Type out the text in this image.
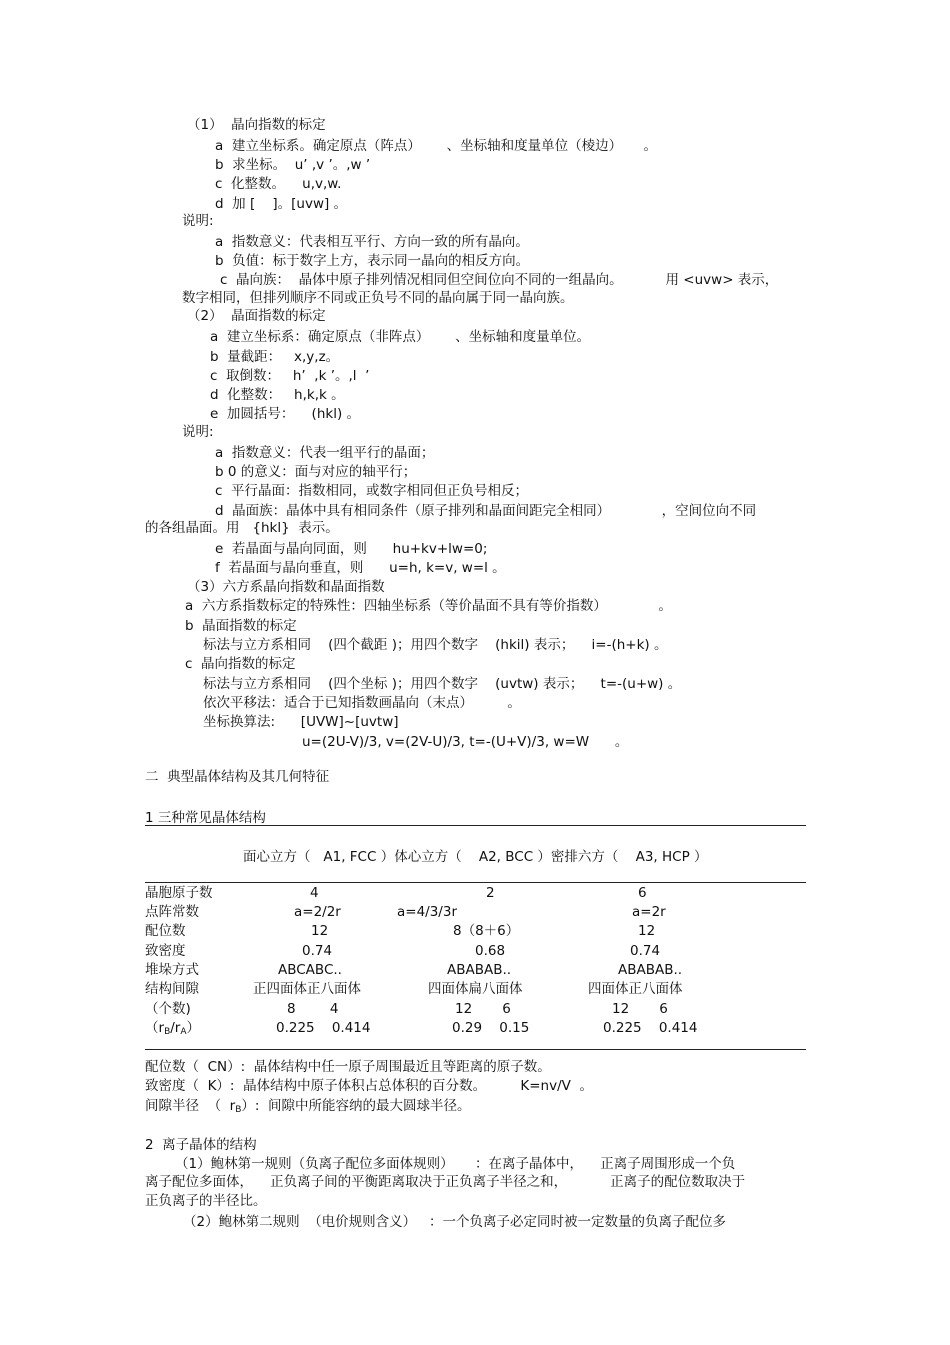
（1）  晶向指数的标定
a  建立坐标系。确定原点（阵点）      、坐标轴和度量单位（棱边）     。
b  求坐标。  u’ ,v ’。,w ’
c  化整数。    u,v,w.
d  加 [    ]。[uvw] 。
说明:
a  指数意义：代表相互平行、方向一致的所有晶向。
b  负值：标于数字上方，表示同一晶向的相反方向。
c  晶向族：  晶体中原子排列情况相同但空间位向不同的一组晶向。          用 <uvw> 表示，
数字相同，但排列顺序不同或正负号不同的晶向属于同一晶向族。
（2）  晶面指数的标定
a  建立坐标系：确定原点（非阵点）      、坐标轴和度量单位。
b  量截距：   x,y,z。
c  取倒数：   h’  ,k ’。,l  ’
d  化整数：   h,k,k 。
e  加圆括号：    (hkl) 。
说明:
a  指数意义：代表一组平行的晶面；
b 0 的意义：面与对应的轴平行；
c  平行晶面：指数相同，或数字相同但正负号相反；
d  晶面族：晶体中具有相同条件（原子排列和晶面间距完全相同）            ，空间位向不同
的各组晶面。用   {hkl}  表示。
e  若晶面与晶向同面，则      hu+kv+lw=0;
f  若晶面与晶向垂直，则      u=h, k=v, w=l 。
（3）六方系晶向指数和晶面指数
a  六方系指数标定的特殊性：四轴坐标系（等价晶面不具有等价指数）            。
b  晶面指数的标定
标法与立方系相同    (四个截距 )；用四个数字    (hkil) 表示；    i=-(h+k) 。
c  晶向指数的标定
标法与立方系相同    (四个坐标 )；用四个数字    (uvtw) 表示；    t=-(u+w) 。
依次平移法：适合于已知指数画晶向（末点）        。
坐标换算法:      [UVW]~[uvtw]
u=(2U-V)/3, v=(2V-U)/3, t=-(U+V)/3, w=W      。
二  典型晶体结构及其几何特征
1 三种常见晶体结构
面心立方（   A1, FCC ）体心立方（    A2, BCC ）密排六方（    A3, HCP ）
晶胞原子数	4	2	6
点阵常数	a=2/2r	a=4/3/3r	a=2r
配位数	12	8（8＋6）	12
致密度	0.74	0.68	0.74
堆垛方式	ABCABC..	ABABAB..	ABABAB..
结构间隙	正四面体正八面体	四面体扁八面体	四面体正八面体
（个数)	8        4	12       6	12       6
$(r_B/r_A)$	0.225    0.414	0.29    0.15	0.225    0.414
配位数（  CN）:  晶体结构中任一原子周围最近且等距离的原子数。
致密度（  K）:  晶体结构中原子体积占总体积的百分数。        K=nv/V  。
间隙半径  （  $r_B$）:  间隙中所能容纳的最大圆球半径。
2  离子晶体的结构
（1）鲍林第一规则（负离子配位多面体规则）     ：在离子晶体中，    正离子周围形成一个负
离子配位多面体，    正负离子间的平衡距离取决于正负离子半径之和，          正离子的配位数取决于
正负离子的半径比。
（2）鲍林第二规则  （电价规则含义）   ：一个负离子必定同时被一定数量的负离子配位多
